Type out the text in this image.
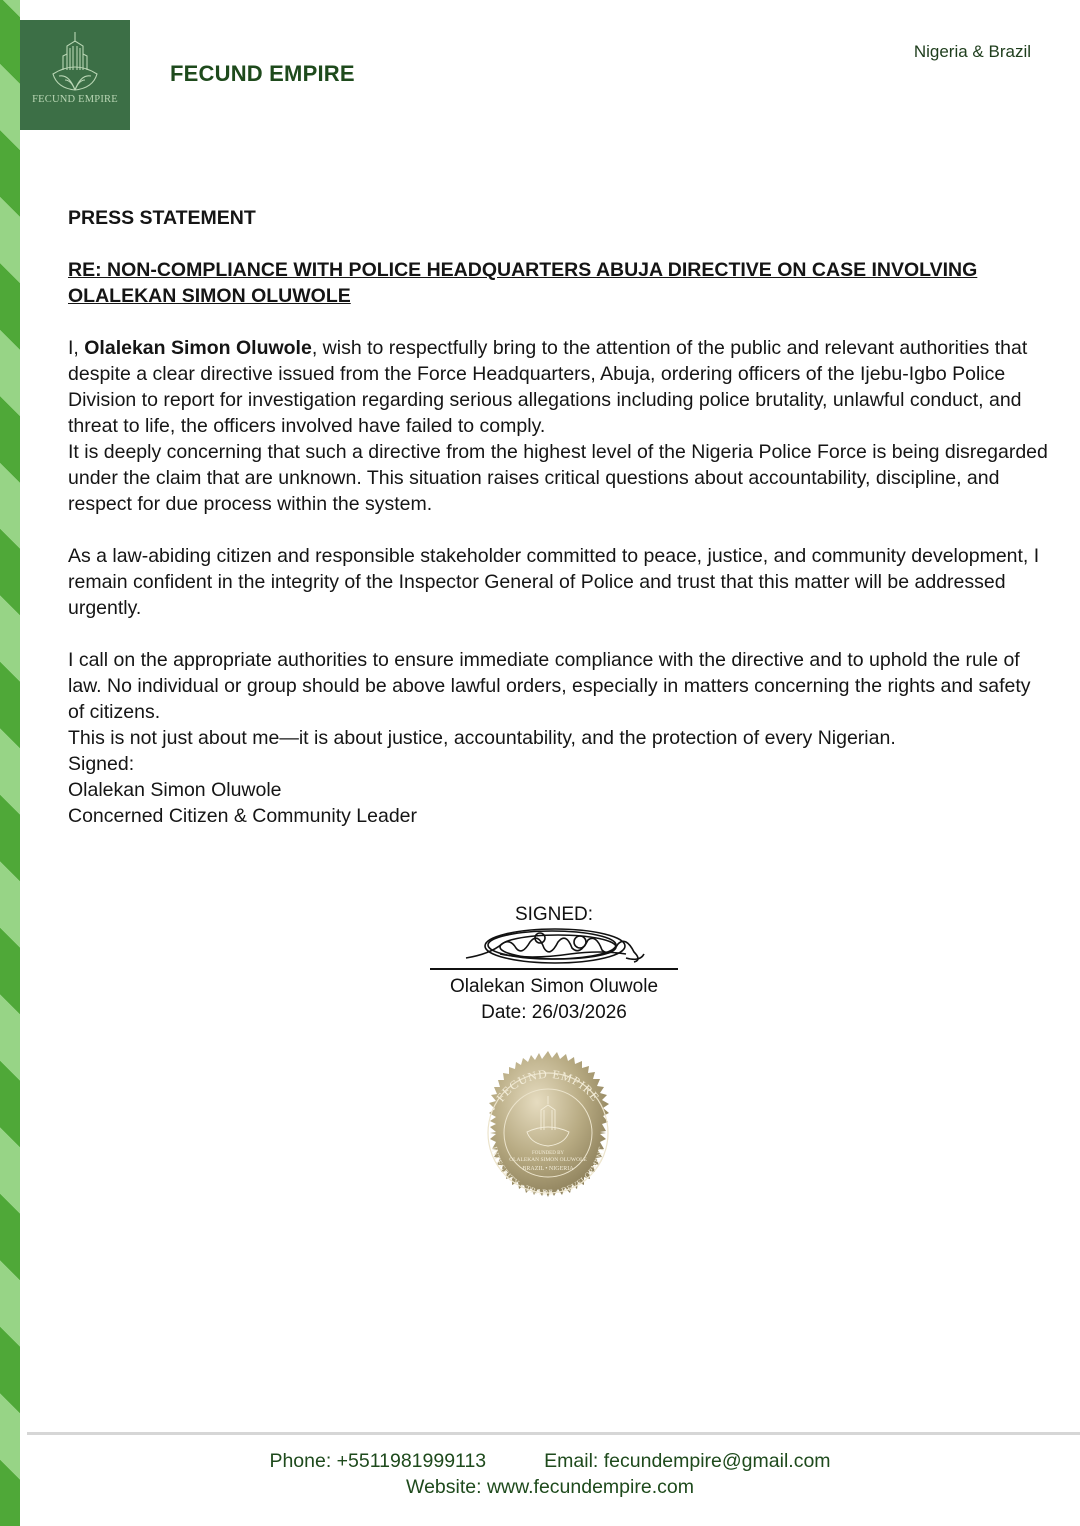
FECUND EMPIRE
FECUND EMPIRE
Nigeria & Brazil
PRESS STATEMENT
RE: NON-COMPLIANCE WITH POLICE HEADQUARTERS ABUJA DIRECTIVE ON CASE INVOLVING OLALEKAN SIMON OLUWOLE

I, Olalekan Simon Oluwole, wish to respectfully bring to the attention of the public and relevant authorities that despite a clear directive issued from the Force Headquarters, Abuja, ordering officers of the Ijebu-Igbo Police Division to report for investigation regarding serious allegations including police brutality, unlawful conduct, and threat to life, the officers involved have failed to comply.

It is deeply concerning that such a directive from the highest level of the Nigeria Police Force is being disregarded under the claim that are unknown. This situation raises critical questions about accountability, discipline, and respect for due process within the system.

As a law-abiding citizen and responsible stakeholder committed to peace, justice, and community development, I remain confident in the integrity of the Inspector General of Police and trust that this matter will be addressed urgently.

I call on the appropriate authorities to ensure immediate compliance with the directive and to uphold the rule of law. No individual or group should be above lawful orders, especially in matters concerning the rights and safety of citizens.

This is not just about me—it is about justice, accountability, and the protection of every Nigerian.

Signed:

Olalekan Simon Oluwole

Concerned Citizen & Community Leader

SIGNED:
Olalekan Simon Oluwole
Date: 26/03/2026
FECUND EMPIRE
INTEGRITY • TRADE • DEVELOPMENT
FOUNDED BY
OLALEKAN SIMON OLUWOLE
BRAZIL • NIGERIA
Phone: +5511981999113	Email: fecundempire@gmail.com
Website: www.fecundempire.com
